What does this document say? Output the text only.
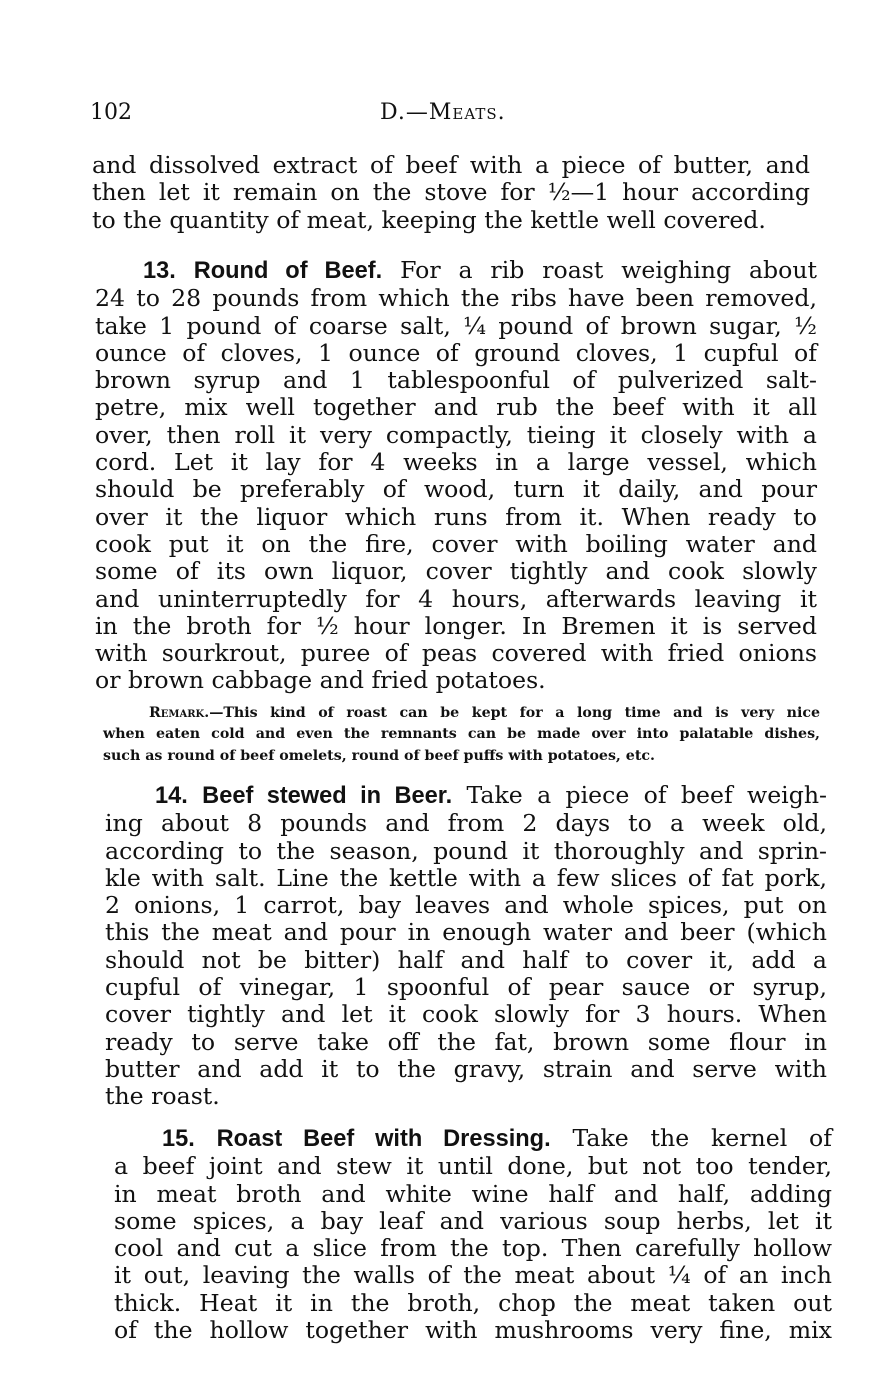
102	D.—Meats.
and dissolved extract of beef with a piece of butter, and
then let it remain on the stove for ½—1 hour according
to the quantity of meat, keeping the kettle well covered.
13. Round of Beef. For a rib roast weighing about
24 to 28 pounds from which the ribs have been removed,
take 1 pound of coarse salt, ¼ pound of brown sugar, ½
ounce of cloves, 1 ounce of ground cloves, 1 cupful of
brown syrup and 1 tablespoonful of pulverized salt-
petre, mix well together and rub the beef with it all
over, then roll it very compactly, tieing it closely with a
cord. Let it lay for 4 weeks in a large vessel, which
should be preferably of wood, turn it daily, and pour
over it the liquor which runs from it. When ready to
cook put it on the fire, cover with boiling water and
some of its own liquor, cover tightly and cook slowly
and uninterruptedly for 4 hours, afterwards leaving it
in the broth for ½ hour longer. In Bremen it is served
with sourkrout, puree of peas covered with fried onions
or brown cabbage and fried potatoes.
Remark.—This kind of roast can be kept for a long time and is very nice
when eaten cold and even the remnants can be made over into palatable dishes,
such as round of beef omelets, round of beef puffs with potatoes, etc.
14. Beef stewed in Beer. Take a piece of beef weigh-
ing about 8 pounds and from 2 days to a week old,
according to the season, pound it thoroughly and sprin-
kle with salt. Line the kettle with a few slices of fat pork,
2 onions, 1 carrot, bay leaves and whole spices, put on
this the meat and pour in enough water and beer (which
should not be bitter) half and half to cover it, add a
cupful of vinegar, 1 spoonful of pear sauce or syrup,
cover tightly and let it cook slowly for 3 hours. When
ready to serve take off the fat, brown some flour in
butter and add it to the gravy, strain and serve with
the roast.
15. Roast Beef with Dressing. Take the kernel of
a beef joint and stew it until done, but not too tender,
in meat broth and white wine half and half, adding
some spices, a bay leaf and various soup herbs, let it
cool and cut a slice from the top. Then carefully hollow
it out, leaving the walls of the meat about ¼ of an inch
thick. Heat it in the broth, chop the meat taken out
of the hollow together with mushrooms very fine, mix
